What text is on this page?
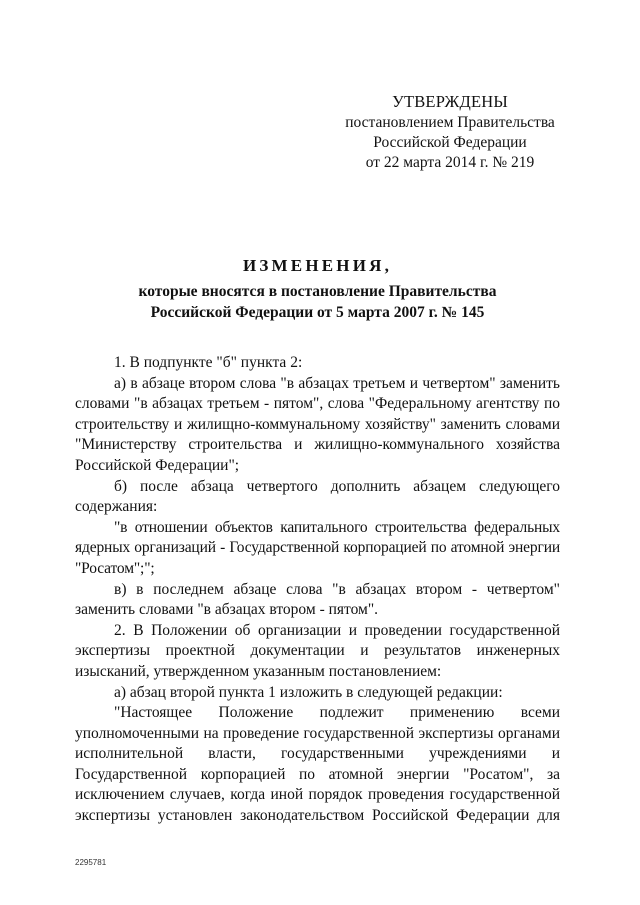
УТВЕРЖДЕНЫ
постановлением Правительства
Российской Федерации
от 22 марта 2014 г. № 219
ИЗМЕНЕНИЯ,
которые вносятся в постановление Правительства
Российской Федерации от 5 марта 2007 г. № 145

1. В подпункте "б" пункта 2:

а) в абзаце втором слова "в абзацах третьем и четвертом" заменить словами "в абзацах третьем - пятом", слова "Федеральному агентству по строительству и жилищно-коммунальному хозяйству" заменить словами "Министерству строительства и жилищно-коммунального хозяйства Российской Федерации";

б) после абзаца четвертого дополнить абзацем следующего содержания:

"в отношении объектов капитального строительства федеральных ядерных организаций - Государственной корпорацией по атомной энергии "Росатом";";

в) в последнем абзаце слова "в абзацах втором - четвертом" заменить словами "в абзацах втором - пятом".

2. В Положении об организации и проведении государственной экспертизы проектной документации и результатов инженерных изысканий, утвержденном указанным постановлением:

а) абзац второй пункта 1 изложить в следующей редакции:

"Настоящее Положение подлежит применению всеми уполномоченными на проведение государственной экспертизы органами исполнительной власти, государственными учреждениями и Государственной корпорацией по атомной энергии "Росатом", за исключением случаев, когда иной порядок проведения государственной экспертизы установлен законодательством Российской Федерации для

2295781
